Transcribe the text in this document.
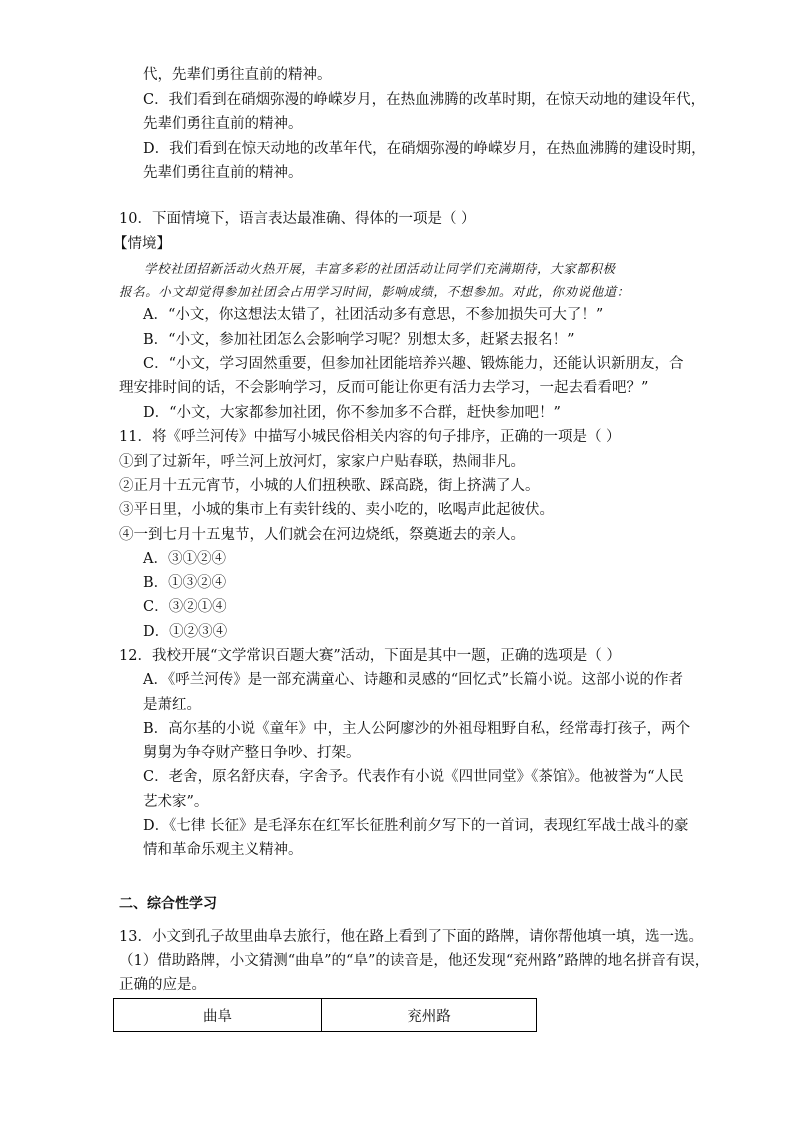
代，先辈们勇往直前的精神。
C．我们看到在硝烟弥漫的峥嵘岁月，在热血沸腾的改革时期，在惊天动地的建设年代，
先辈们勇往直前的精神。
D．我们看到在惊天动地的改革年代，在硝烟弥漫的峥嵘岁月，在热血沸腾的建设时期，
先辈们勇往直前的精神。
10．下面情境下，语言表达最准确、得体的一项是（ ）
【情境】
学校社团招新活动火热开展，丰富多彩的社团活动让同学们充满期待，大家都积极
报名。小文却觉得参加社团会占用学习时间，影响成绩，不想参加。对此，你劝说他道：
A．“小文，你这想法太错了，社团活动多有意思，不参加损失可大了！”
B．“小文，参加社团怎么会影响学习呢？别想太多，赶紧去报名！”
C．“小文，学习固然重要，但参加社团能培养兴趣、锻炼能力，还能认识新朋友，合
理安排时间的话，不会影响学习，反而可能让你更有活力去学习，一起去看看吧？”
D．“小文，大家都参加社团，你不参加多不合群，赶快参加吧！”
11．将《呼兰河传》中描写小城民俗相关内容的句子排序，正确的一项是（ ）
①到了过新年，呼兰河上放河灯，家家户户贴春联，热闹非凡。
②正月十五元宵节，小城的人们扭秧歌、踩高跷，街上挤满了人。
③平日里，小城的集市上有卖针线的、卖小吃的，吆喝声此起彼伏。
④一到七月十五鬼节，人们就会在河边烧纸，祭奠逝去的亲人。
A．③①②④
B．①③②④
C．③②①④
D．①②③④
12．我校开展“文学常识百题大赛”活动，下面是其中一题，正确的选项是（ ）
A．《呼兰河传》是一部充满童心、诗趣和灵感的“回忆式”长篇小说。这部小说的作者
是萧红。
B．高尔基的小说《童年》中，主人公阿廖沙的外祖母粗野自私，经常毒打孩子，两个
舅舅为争夺财产整日争吵、打架。
C．老舍，原名舒庆春，字舍予。代表作有小说《四世同堂》《茶馆》。他被誉为“人民
艺术家”。
D．《七律 长征》是毛泽东在红军长征胜利前夕写下的一首词，表现红军战士战斗的豪
情和革命乐观主义精神。
二、综合性学习
13．小文到孔子故里曲阜去旅行，他在路上看到了下面的路牌，请你帮他填一填，选一选。
（1）借助路牌，小文猜测“曲阜”的“阜”的读音是，他还发现“兖州路”路牌的地名拼音有误，
正确的应是。
曲阜	兖州路
